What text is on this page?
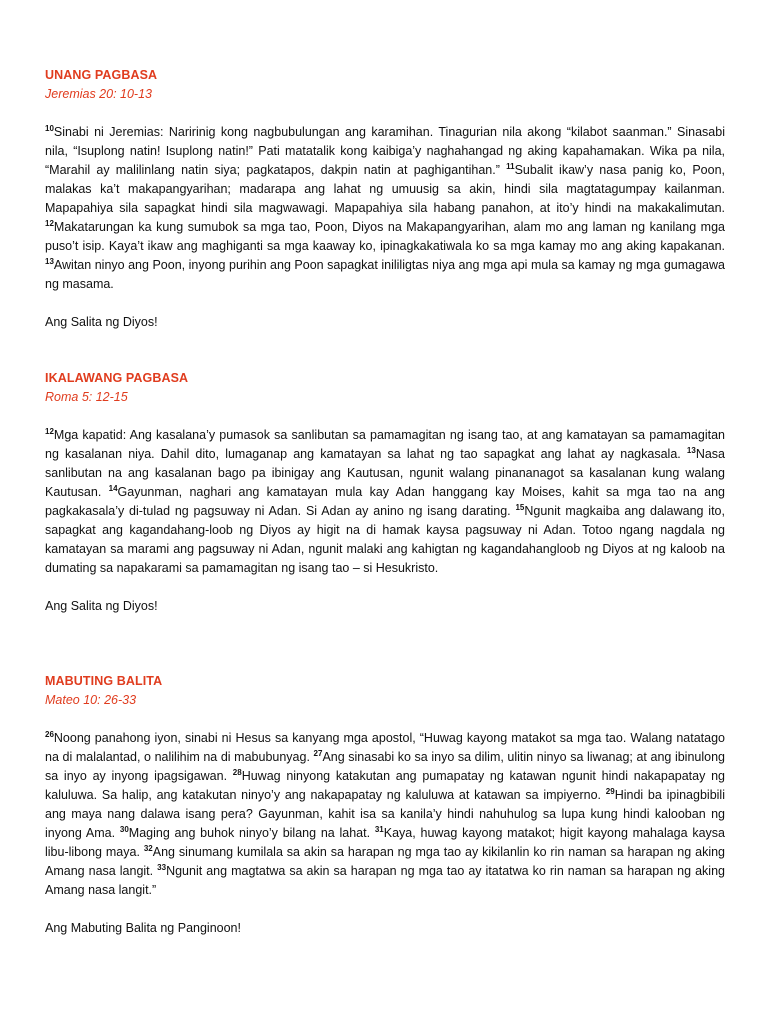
UNANG PAGBASA
Jeremias 20: 10-13
$^{10}$Sinabi ni Jeremias: Naririnig kong nagbubulungan ang karamihan. Tinagurian nila akong “kilabot saanman.” Sinasabi nila, “Isuplong natin! Isuplong natin!” Pati matatalik kong kaibiga’y naghahangad ng aking kapahamakan. Wika pa nila, “Marahil ay malilinlang natin siya; pagkatapos, dakpin natin at paghigantihan.” $^{11}$Subalit ikaw’y nasa panig ko, Poon, malakas ka’t makapangyarihan; madarapa ang lahat ng umuusig sa akin, hindi sila magtatagumpay kailanman. Mapapahiya sila sapagkat hindi sila magwawagi. Mapapahiya sila habang panahon, at ito’y hindi na makakalimutan. $^{12}$Makatarungan ka kung sumubok sa mga tao, Poon, Diyos na Makapangyarihan, alam mo ang laman ng kanilang mga puso’t isip. Kaya’t ikaw ang maghiganti sa mga kaaway ko, ipinagkakatiwala ko sa mga kamay mo ang aking kapakanan. $^{13}$Awitan ninyo ang Poon, inyong purihin ang Poon sapagkat inililigtas niya ang mga api mula sa kamay ng mga gumagawa ng masama.
Ang Salita ng Diyos!
IKALAWANG PAGBASA
Roma 5: 12-15
$^{12}$Mga kapatid: Ang kasalana’y pumasok sa sanlibutan sa pamamagitan ng isang tao, at ang kamatayan sa pamamagitan ng kasalanan niya. Dahil dito, lumaganap ang kamatayan sa lahat ng tao sapagkat ang lahat ay nagkasala. $^{13}$Nasa sanlibutan na ang kasalanan bago pa ibinigay ang Kautusan, ngunit walang pinananagot sa kasalanan kung walang Kautusan. $^{14}$Gayunman, naghari ang kamatayan mula kay Adan hanggang kay Moises, kahit sa mga tao na ang pagkakasala’y di-tulad ng pagsuway ni Adan. Si Adan ay anino ng isang darating. $^{15}$Ngunit magkaiba ang dalawang ito, sapagkat ang kagandahang-loob ng Diyos ay higit na di hamak kaysa pagsuway ni Adan. Totoo ngang nagdala ng kamatayan sa marami ang pagsuway ni Adan, ngunit malaki ang kahigtan ng kagandahangloob ng Diyos at ng kaloob na dumating sa napakarami sa pamamagitan ng isang tao – si Hesukristo.
Ang Salita ng Diyos!
MABUTING BALITA
Mateo 10: 26-33
$^{26}$Noong panahong iyon, sinabi ni Hesus sa kanyang mga apostol, “Huwag kayong matakot sa mga tao. Walang natatago na di malalantad, o nalilihim na di mabubunyag. $^{27}$Ang sinasabi ko sa inyo sa dilim, ulitin ninyo sa liwanag; at ang ibinulong sa inyo ay inyong ipagsigawan. $^{28}$Huwag ninyong katakutan ang pumapatay ng katawan ngunit hindi nakapapatay ng kaluluwa. Sa halip, ang katakutan ninyo’y ang nakapapatay ng kaluluwa at katawan sa impiyerno. $^{29}$Hindi ba ipinagbibili ang maya nang dalawa isang pera? Gayunman, kahit isa sa kanila’y hindi nahuhulog sa lupa kung hindi kalooban ng inyong Ama. $^{30}$Maging ang buhok ninyo’y bilang na lahat. $^{31}$Kaya, huwag kayong matakot; higit kayong mahalaga kaysa libu-libong maya. $^{32}$Ang sinumang kumilala sa akin sa harapan ng mga tao ay kikilanlin ko rin naman sa harapan ng aking Amang nasa langit. $^{33}$Ngunit ang magtatwa sa akin sa harapan ng mga tao ay itatatwa ko rin naman sa harapan ng aking Amang nasa langit.”
Ang Mabuting Balita ng Panginoon!
